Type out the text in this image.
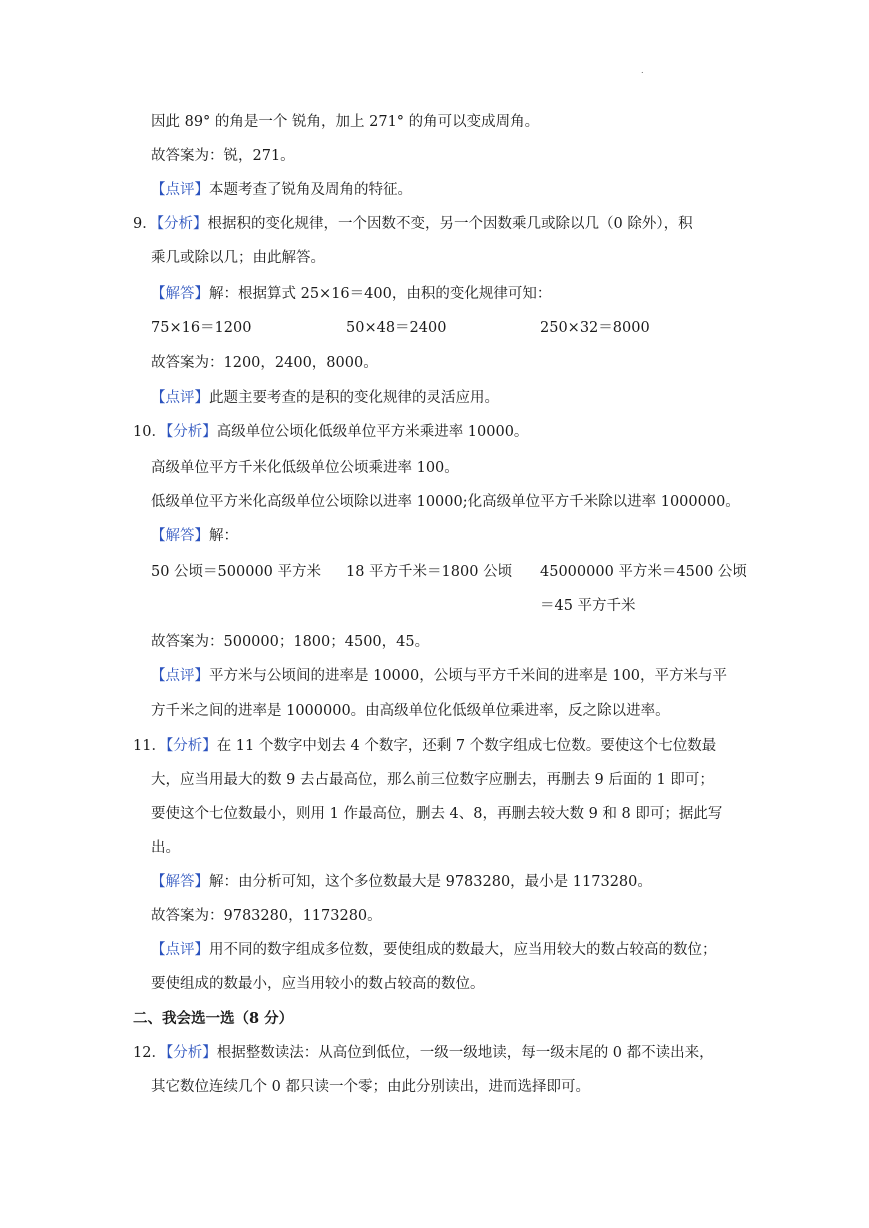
.
因此 89° 的角是一个 锐角，加上 271° 的角可以变成周角。
故答案为：锐，271。
【点评】本题考查了锐角及周角的特征。
9．【分析】根据积的变化规律，一个因数不变，另一个因数乘几或除以几（0 除外），积
乘几或除以几；由此解答。
【解答】解：根据算式 25×16＝400，由积的变化规律可知：
75×16＝1200	50×48＝2400	250×32＝8000
故答案为：1200，2400，8000。
【点评】此题主要考查的是积的变化规律的灵活应用。
10．【分析】高级单位公顷化低级单位平方米乘进率 10000。
高级单位平方千米化低级单位公顷乘进率 100。
低级单位平方米化高级单位公顷除以进率 10000;化高级单位平方千米除以进率 1000000。
【解答】解：
50 公顷＝500000 平方米 18 平方千米＝1800 公顷 45000000 平方米＝4500 公顷
＝45 平方千米
故答案为：500000；1800；4500，45。
【点评】平方米与公顷间的进率是 10000，公顷与平方千米间的进率是 100，平方米与平
方千米之间的进率是 1000000。由高级单位化低级单位乘进率，反之除以进率。
11．【分析】在 11 个数字中划去 4 个数字，还剩 7 个数字组成七位数。要使这个七位数最
大，应当用最大的数 9 去占最高位，那么前三位数字应删去，再删去 9 后面的 1 即可；
要使这个七位数最小，则用 1 作最高位，删去 4、8，再删去较大数 9 和 8 即可；据此写
出。
【解答】解：由分析可知，这个多位数最大是 9783280，最小是 1173280。
故答案为：9783280，1173280。
【点评】用不同的数字组成多位数，要使组成的数最大，应当用较大的数占较高的数位；
要使组成的数最小，应当用较小的数占较高的数位。
二、我会选一选（8 分）
12．【分析】根据整数读法：从高位到低位，一级一级地读，每一级末尾的 0 都不读出来，
其它数位连续几个 0 都只读一个零；由此分别读出，进而选择即可。
